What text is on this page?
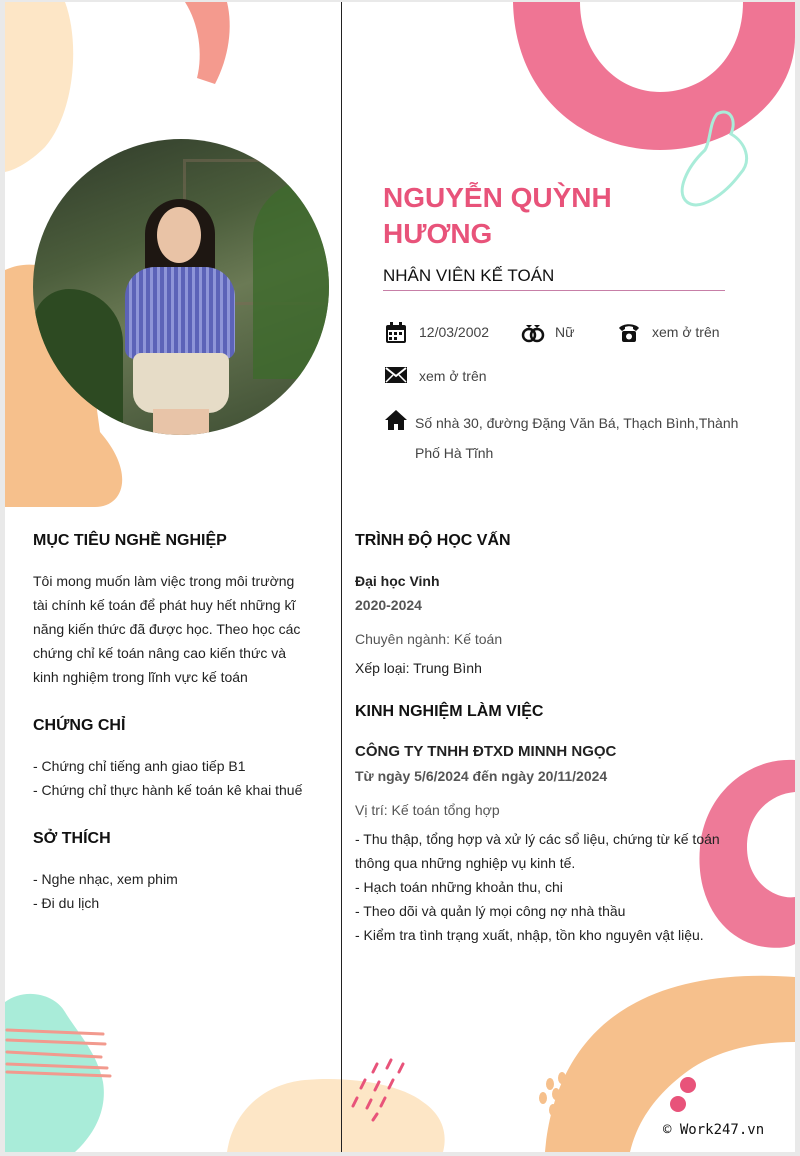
NGUYỄN QUỲNH
HƯƠNG
NHÂN VIÊN KẾ TOÁN
12/03/2002	Nữ	xem ở trên
xem ở trên
Số nhà 30, đường Đặng Văn Bá, Thạch Bình,Thành
Phố Hà Tĩnh
MỤC TIÊU NGHỀ NGHIỆP
Tôi mong muốn làm việc trong môi trường
tài chính kế toán để phát huy hết những kĩ
năng kiến thức đã được học. Theo học các
chứng chỉ kế toán nâng cao kiến thức và
kinh nghiệm trong lĩnh vực kế toán
CHỨNG CHỈ
- Chứng chỉ tiếng anh giao tiếp B1
- Chứng chỉ thực hành kế toán kê khai thuế
SỞ THÍCH
- Nghe nhạc, xem phim
- Đi du lịch
TRÌNH ĐỘ HỌC VẤN
Đại học Vinh
2020-2024
Chuyên ngành: Kế toán
Xếp loại: Trung Bình
KINH NGHIỆM LÀM VIỆC
CÔNG TY TNHH ĐTXD MINNH NGỌC
Từ ngày 5/6/2024 đến ngày 20/11/2024
Vị trí: Kế toán tổng hợp
- Thu thập, tổng hợp và xử lý các sổ liệu, chứng từ kế toán
thông qua những nghiệp vụ kinh tế.
- Hạch toán những khoản thu, chi
- Theo dõi và quản lý mọi công nợ nhà thầu
- Kiểm tra tình trạng xuất, nhập, tồn kho nguyên vật liệu.
© Work247.vn
